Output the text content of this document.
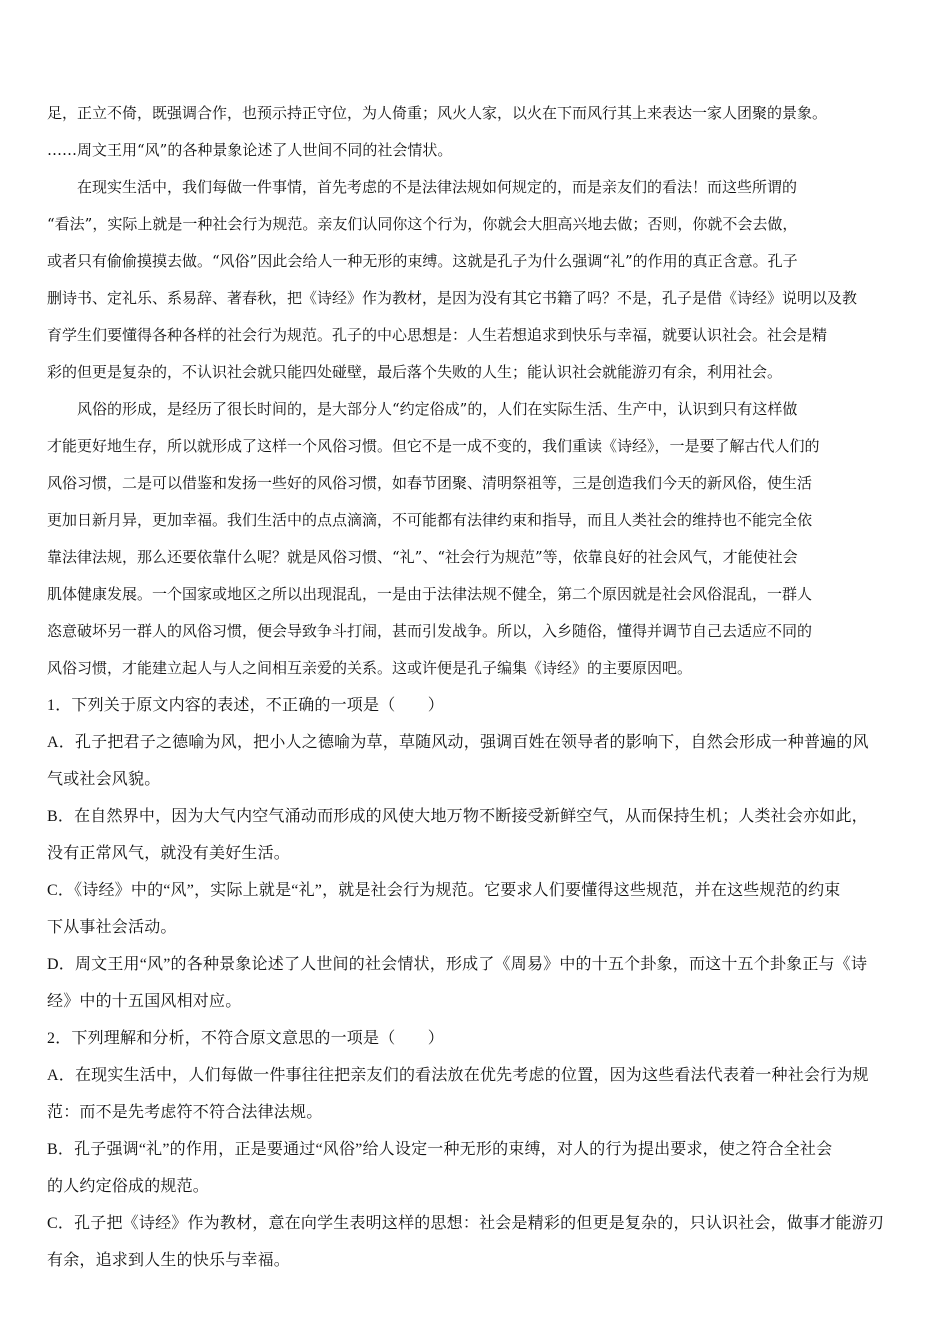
足，正立不倚，既强调合作，也预示持正守位，为人倚重；风火人家，以火在下而风行其上来表达一家人团聚的景象。
……周文王用“风”的各种景象论述了人世间不同的社会情状。
在现实生活中，我们每做一件事情，首先考虑的不是法律法规如何规定的，而是亲友们的看法！而这些所谓的
“看法”，实际上就是一种社会行为规范。亲友们认同你这个行为，你就会大胆高兴地去做；否则，你就不会去做，
或者只有偷偷摸摸去做。“风俗”因此会给人一种无形的束缚。这就是孔子为什么强调“礼”的作用的真正含意。孔子
删诗书、定礼乐、系易辞、著春秋，把《诗经》作为教材，是因为没有其它书籍了吗？不是，孔子是借《诗经》说明以及教
育学生们要懂得各种各样的社会行为规范。孔子的中心思想是：人生若想追求到快乐与幸福，就要认识社会。社会是精
彩的但更是复杂的，不认识社会就只能四处碰壁，最后落个失败的人生；能认识社会就能游刃有余，利用社会。
风俗的形成，是经历了很长时间的，是大部分人“约定俗成”的，人们在实际生活、生产中，认识到只有这样做
才能更好地生存，所以就形成了这样一个风俗习惯。但它不是一成不变的，我们重读《诗经》，一是要了解古代人们的
风俗习惯，二是可以借鉴和发扬一些好的风俗习惯，如春节团聚、清明祭祖等，三是创造我们今天的新风俗，使生活
更加日新月异，更加幸福。我们生活中的点点滴滴，不可能都有法律约束和指导，而且人类社会的维持也不能完全依
靠法律法规，那么还要依靠什么呢？就是风俗习惯、“礼”、“社会行为规范”等，依靠良好的社会风气，才能使社会
肌体健康发展。一个国家或地区之所以出现混乱，一是由于法律法规不健全，第二个原因就是社会风俗混乱，一群人
恣意破坏另一群人的风俗习惯，便会导致争斗打闹，甚而引发战争。所以，入乡随俗，懂得并调节自己去适应不同的
风俗习惯，才能建立起人与人之间相互亲爱的关系。这或许便是孔子编集《诗经》的主要原因吧。
1．下列关于原文内容的表述，不正确的一项是（　　）
A．孔子把君子之德喻为风，把小人之德喻为草，草随风动，强调百姓在领导者的影响下，自然会形成一种普遍的风
气或社会风貌。
B．在自然界中，因为大气内空气涌动而形成的风使大地万物不断接受新鲜空气，从而保持生机；人类社会亦如此，
没有正常风气，就没有美好生活。
C．《诗经》中的“风”，实际上就是“礼”，就是社会行为规范。它要求人们要懂得这些规范，并在这些规范的约束
下从事社会活动。
D．周文王用“风”的各种景象论述了人世间的社会情状，形成了《周易》中的十五个卦象，而这十五个卦象正与《诗
经》中的十五国风相对应。
2．下列理解和分析，不符合原文意思的一项是（　　）
A．在现实生活中，人们每做一件事往往把亲友们的看法放在优先考虑的位置，因为这些看法代表着一种社会行为规
范：而不是先考虑符不符合法律法规。
B．孔子强调“礼”的作用，正是要通过“风俗”给人设定一种无形的束缚，对人的行为提出要求，使之符合全社会
的人约定俗成的规范。
C．孔子把《诗经》作为教材，意在向学生表明这样的思想：社会是精彩的但更是复杂的，只认识社会，做事才能游刃
有余，追求到人生的快乐与幸福。
